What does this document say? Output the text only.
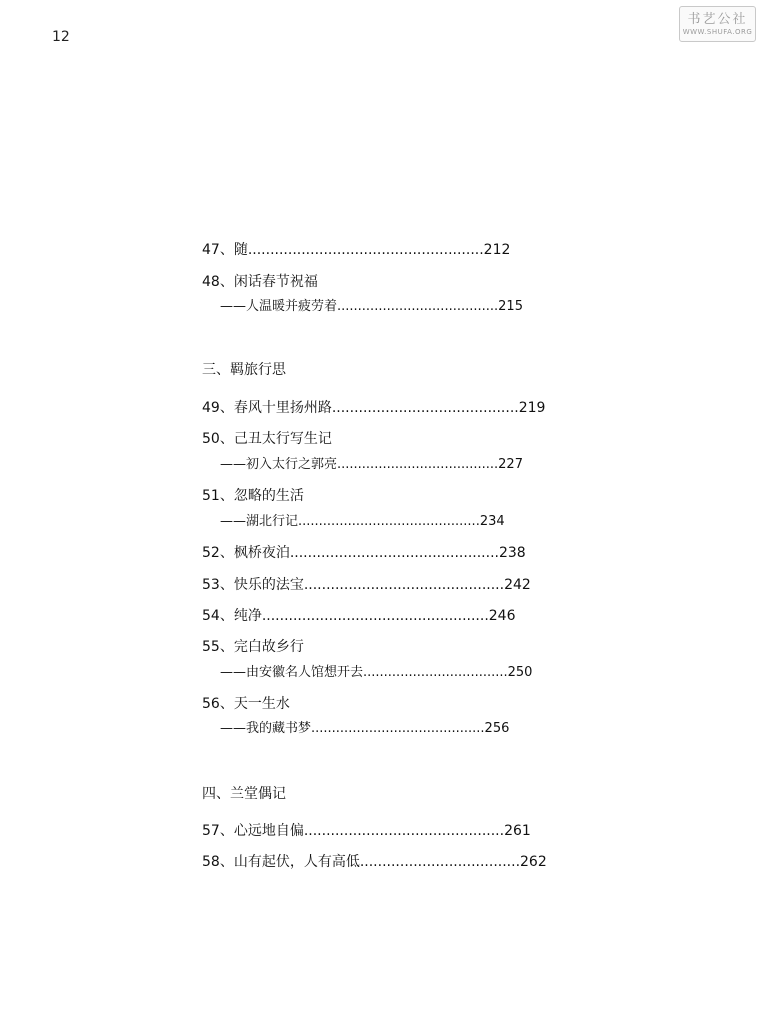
12
书艺公社
WWW.SHUFA.ORG
47、随.....................................................212
48、闲话春节祝福
——人温暖并疲劳着.......................................215
三、羁旅行思
49、春风十里扬州路..........................................219
50、己丑太行写生记
——初入太行之郭亮.......................................227
51、忽略的生活
——湖北行记............................................234
52、枫桥夜泊...............................................238
53、快乐的法宝.............................................242
54、纯净...................................................246
55、完白故乡行
——由安徽名人馆想开去...................................250
56、天一生水
——我的藏书梦..........................................256
四、兰堂偶记
57、心远地自偏.............................................261
58、山有起伏，人有高低....................................262
